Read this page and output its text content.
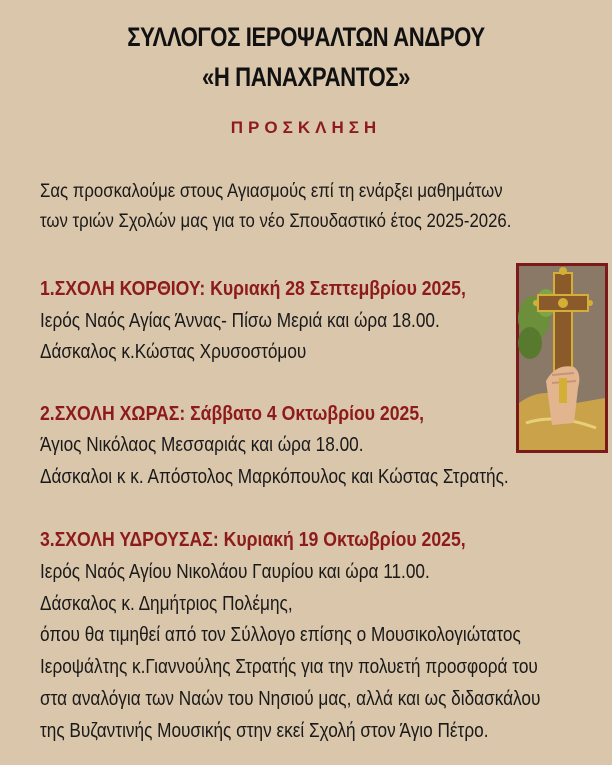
ΣΥΛΛΟΓΟΣ ΙΕΡΟΨΑΛΤΩΝ ΑΝΔΡΟΥ
«Η ΠΑΝΑΧΡΑΝΤΟΣ»
ΠΡΟΣΚΛΗΣΗ
Σας προσκαλούμε στους Αγιασμούς επί τη ενάρξει μαθημάτων
των τριών Σχολών μας για το νέο Σπουδαστικό έτος 2025-2026.
1.ΣΧΟΛΗ ΚΟΡΘΙΟΥ: Κυριακή 28 Σεπτεμβρίου 2025,
Ιερός Ναός Αγίας Άννας- Πίσω Μεριά και ώρα 18.00.
Δάσκαλος κ.Κώστας Χρυσοστόμου
2.ΣΧΟΛΗ ΧΩΡΑΣ: Σάββατο 4 Οκτωβρίου 2025,
Άγιος Νικόλαος Μεσσαριάς και ώρα 18.00.
Δάσκαλοι κ κ. Απόστολος Μαρκόπουλος και Κώστας Στρατής.
3.ΣΧΟΛΗ ΥΔΡΟΥΣΑΣ: Κυριακή 19 Οκτωβρίου 2025,
Ιερός Ναός Αγίου Νικολάου Γαυρίου και ώρα 11.00.
Δάσκαλος κ. Δημήτριος Πολέμης,
όπου θα τιμηθεί από τον Σύλλογο επίσης ο Μουσικολογιώτατος
Ιεροψάλτης κ.Γιαννούλης Στρατής για την πολυετή προσφορά του
στα αναλόγια των Ναών του Νησιού μας, αλλά και ως διδασκάλου
της Βυζαντινής Μουσικής στην εκεί Σχολή στον Άγιο Πέτρο.
